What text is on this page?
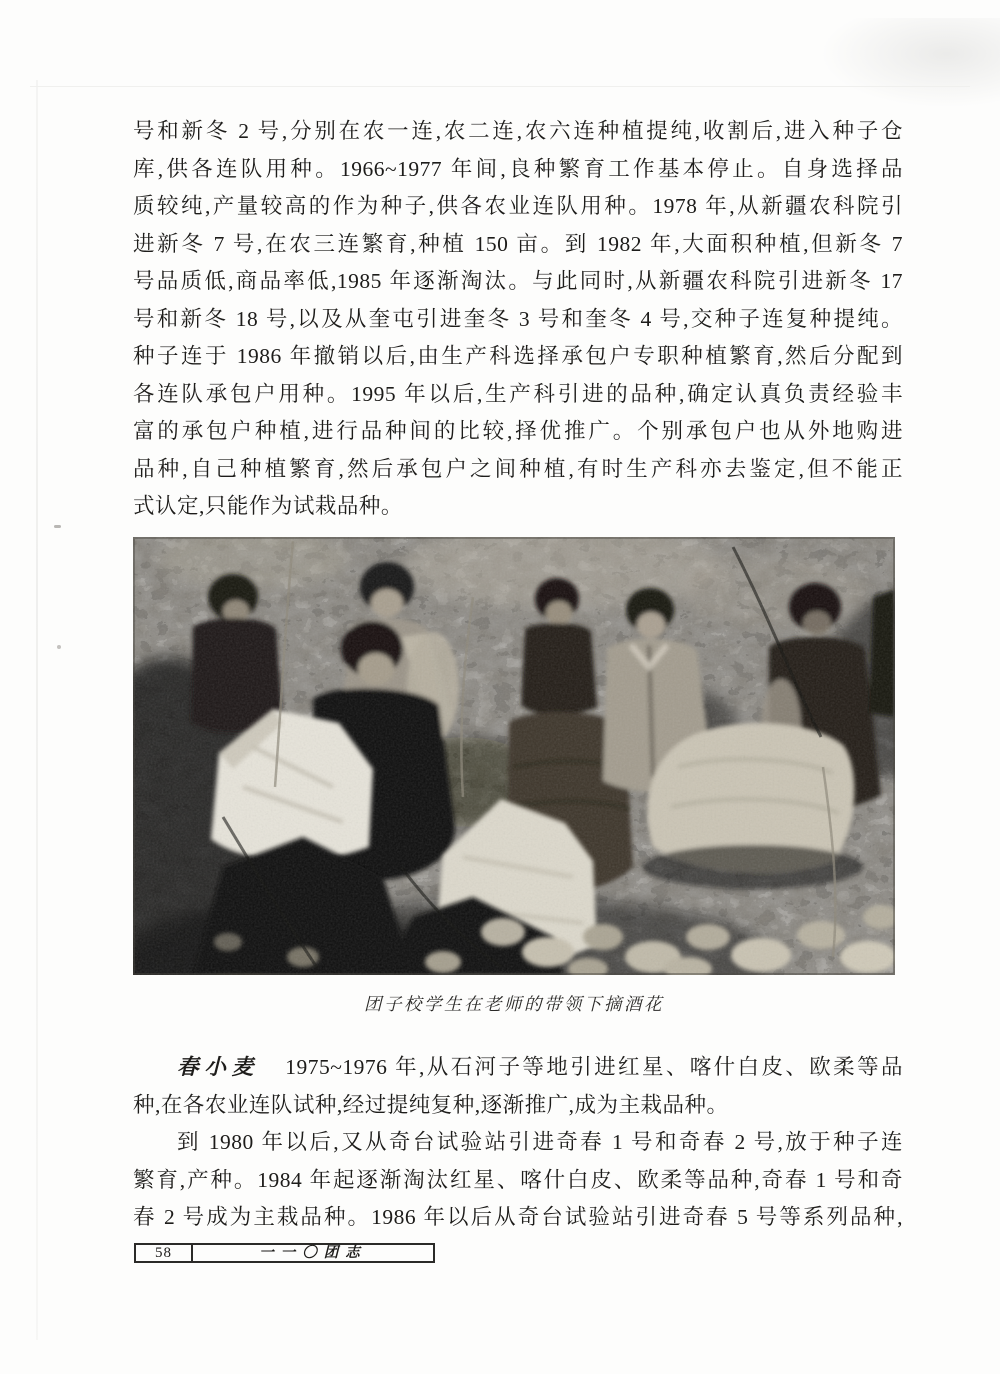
号和新冬 2 号,分别在农一连,农二连,农六连种植提纯,收割后,进入种子仓
库,供各连队用种。1966~1977 年间,良种繁育工作基本停止。自身选择品
质较纯,产量较高的作为种子,供各农业连队用种。1978 年,从新疆农科院引
进新冬 7 号,在农三连繁育,种植 150 亩。到 1982 年,大面积种植,但新冬 7
号品质低,商品率低,1985 年逐渐淘汰。与此同时,从新疆农科院引进新冬 17
号和新冬 18 号,以及从奎屯引进奎冬 3 号和奎冬 4 号,交种子连复种提纯。
种子连于 1986 年撤销以后,由生产科选择承包户专职种植繁育,然后分配到
各连队承包户用种。1995 年以后,生产科引进的品种,确定认真负责经验丰
富的承包户种植,进行品种间的比较,择优推广。个别承包户也从外地购进
品种,自己种植繁育,然后承包户之间种植,有时生产科亦去鉴定,但不能正
式认定,只能作为试栽品种。
团子校学生在老师的带领下摘酒花
春小麦 1975~1976 年,从石河子等地引进红星、喀什白皮、欧柔等品
种,在各农业连队试种,经过提纯复种,逐渐推广,成为主栽品种。
到 1980 年以后,又从奇台试验站引进奇春 1 号和奇春 2 号,放于种子连
繁育,产种。1984 年起逐渐淘汰红星、喀什白皮、欧柔等品种,奇春 1 号和奇
春 2 号成为主栽品种。1986 年以后从奇台试验站引进奇春 5 号等系列品种,
58	一一〇团志
